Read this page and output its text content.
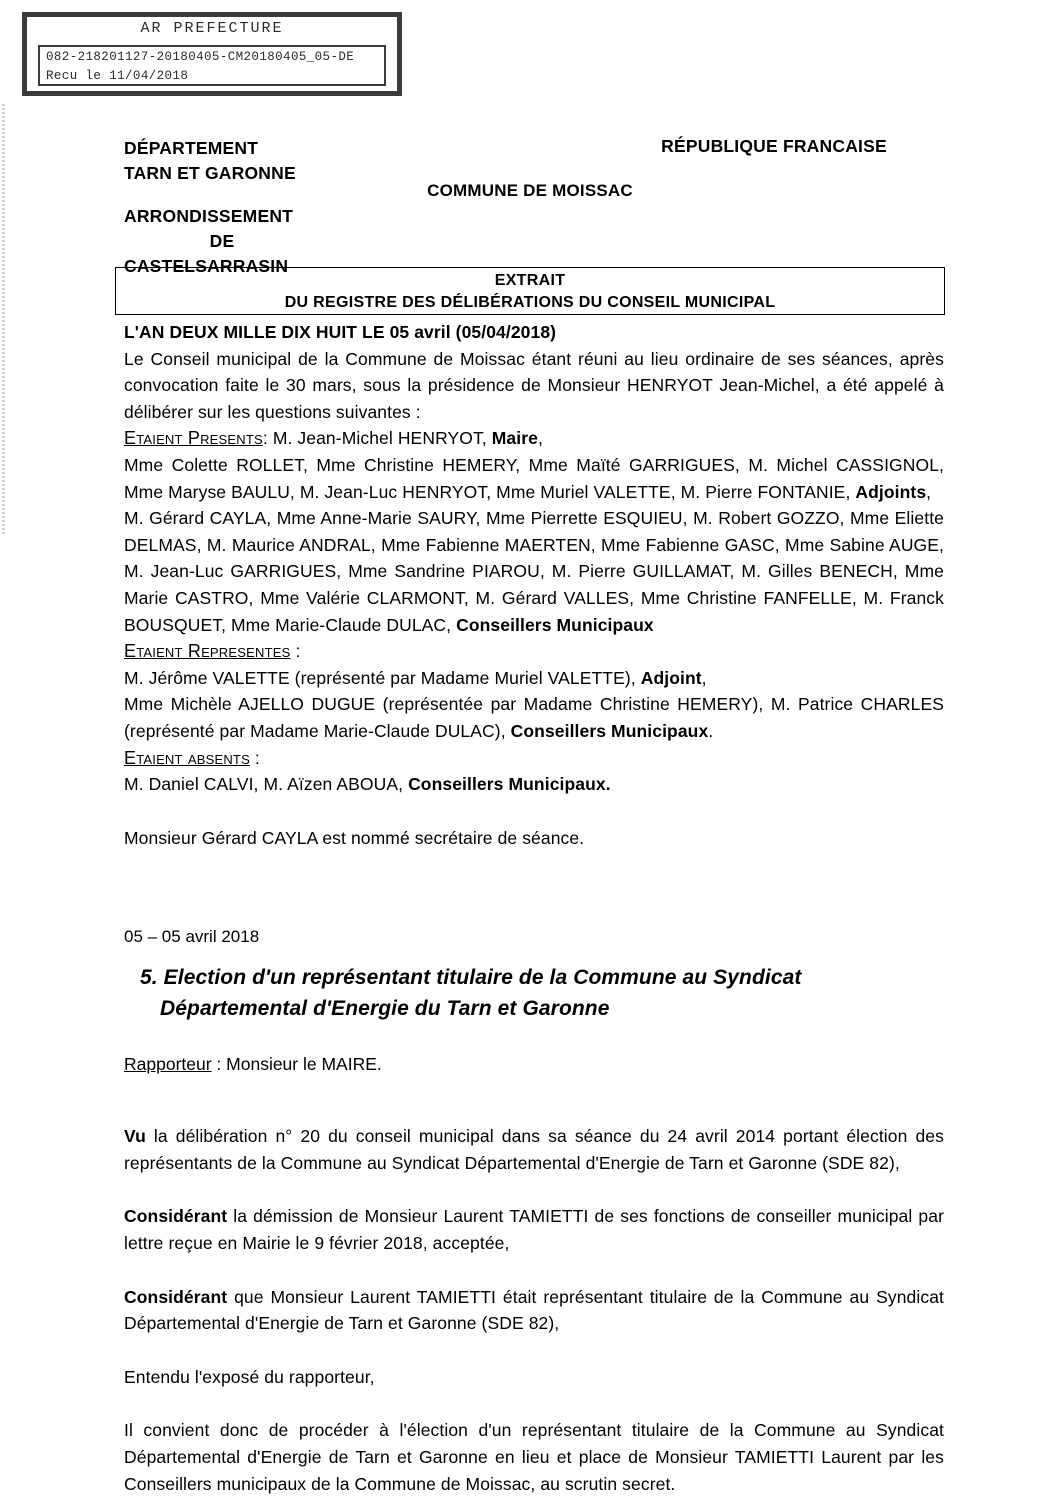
AR PREFECTURE
082-218201127-20180405-CM20180405_05-DE
Recu le 11/04/2018
DÉPARTEMENT
TARN ET GARONNE
RÉPUBLIQUE FRANCAISE
COMMUNE DE MOISSAC
ARRONDISSEMENT
DE
CASTELSARRASIN
EXTRAIT
DU REGISTRE DES DÉLIBÉRATIONS DU CONSEIL MUNICIPAL
L'AN DEUX MILLE DIX HUIT LE 05 avril (05/04/2018)
Le Conseil municipal de la Commune de Moissac étant réuni au lieu ordinaire de ses séances, après convocation faite le 30 mars, sous la présidence de Monsieur HENRYOT Jean-Michel, a été appelé à délibérer sur les questions suivantes :
Etaient Presents: M. Jean-Michel HENRYOT, Maire,
Mme Colette ROLLET, Mme Christine HEMERY, Mme Maïté GARRIGUES, M. Michel CASSIGNOL, Mme Maryse BAULU, M. Jean-Luc HENRYOT, Mme Muriel VALETTE, M. Pierre FONTANIE, Adjoints,
M. Gérard CAYLA, Mme Anne-Marie SAURY, Mme Pierrette ESQUIEU, M. Robert GOZZO, Mme Eliette DELMAS, M. Maurice ANDRAL, Mme Fabienne MAERTEN, Mme Fabienne GASC, Mme Sabine AUGE, M. Jean-Luc GARRIGUES, Mme Sandrine PIAROU, M. Pierre GUILLAMAT, M. Gilles BENECH, Mme Marie CASTRO, Mme Valérie CLARMONT, M. Gérard VALLES, Mme Christine FANFELLE, M. Franck BOUSQUET, Mme Marie-Claude DULAC, Conseillers Municipaux
Etaient Representes :
M. Jérôme VALETTE (représenté par Madame Muriel VALETTE), Adjoint,
Mme Michèle AJELLO DUGUE (représentée par Madame Christine HEMERY), M. Patrice CHARLES (représenté par Madame Marie-Claude DULAC), Conseillers Municipaux.
Etaient absents :
M. Daniel CALVI, M. Aïzen ABOUA, Conseillers Municipaux.
Monsieur Gérard CAYLA est nommé secrétaire de séance.
05 – 05 avril 2018
5. Election d'un représentant titulaire de la Commune au Syndicat Départemental d'Energie du Tarn et Garonne
Rapporteur : Monsieur le MAIRE.
Vu la délibération n° 20 du conseil municipal dans sa séance du 24 avril 2014 portant élection des représentants de la Commune au Syndicat Départemental d'Energie de Tarn et Garonne (SDE 82),
Considérant la démission de Monsieur Laurent TAMIETTI de ses fonctions de conseiller municipal par lettre reçue en Mairie le 9 février 2018, acceptée,
Considérant que Monsieur Laurent TAMIETTI était représentant titulaire de la Commune au Syndicat Départemental d'Energie de Tarn et Garonne (SDE 82),
Entendu l'exposé du rapporteur,
Il convient donc de procéder à l'élection d'un représentant titulaire de la Commune au Syndicat Départemental d'Energie de Tarn et Garonne en lieu et place de Monsieur TAMIETTI Laurent par les Conseillers municipaux de la Commune de Moissac, au scrutin secret.
